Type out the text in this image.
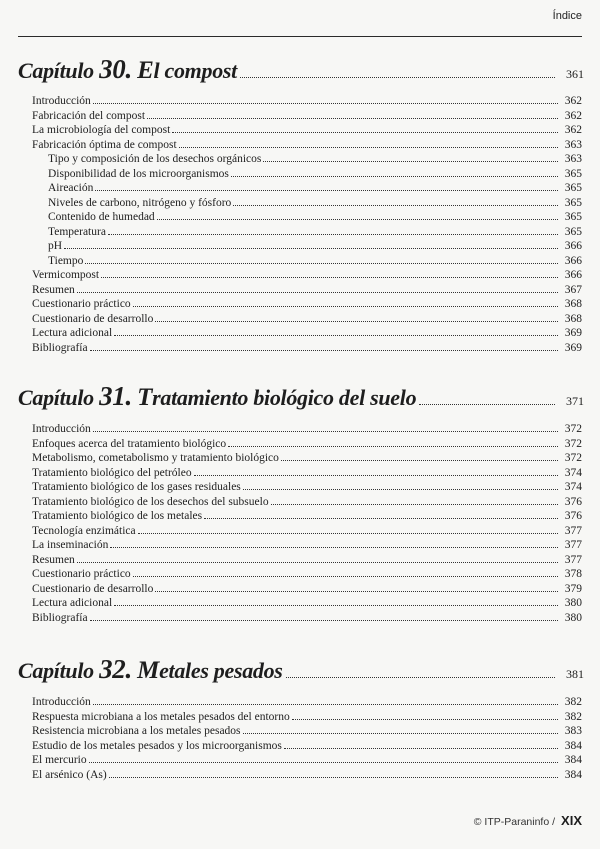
Índice
Capítulo 30. El compost	361
Introducción	362
Fabricación del compost	362
La microbiología del compost	362
Fabricación óptima de compost	363
Tipo y composición de los desechos orgánicos	363
Disponibilidad de los microorganismos	365
Aireación	365
Niveles de carbono, nitrógeno y fósforo	365
Contenido de humedad	365
Temperatura	365
pH	366
Tiempo	366
Vermicompost	366
Resumen	367
Cuestionario práctico	368
Cuestionario de desarrollo	368
Lectura adicional	369
Bibliografía	369
Capítulo 31. Tratamiento biológico del suelo	371
Introducción	372
Enfoques acerca del tratamiento biológico	372
Metabolismo, cometabolismo y tratamiento biológico	372
Tratamiento biológico del petróleo	374
Tratamiento biológico de los gases residuales	374
Tratamiento biológico de los desechos del subsuelo	376
Tratamiento biológico de los metales	376
Tecnología enzimática	377
La inseminación	377
Resumen	377
Cuestionario práctico	378
Cuestionario de desarrollo	379
Lectura adicional	380
Bibliografía	380
Capítulo 32. Metales pesados	381
Introducción	382
Respuesta microbiana a los metales pesados del entorno	382
Resistencia microbiana a los metales pesados	383
Estudio de los metales pesados y los microorganismos	384
El mercurio	384
El arsénico (As)	384
© ITP-Paraninfo / XIX
